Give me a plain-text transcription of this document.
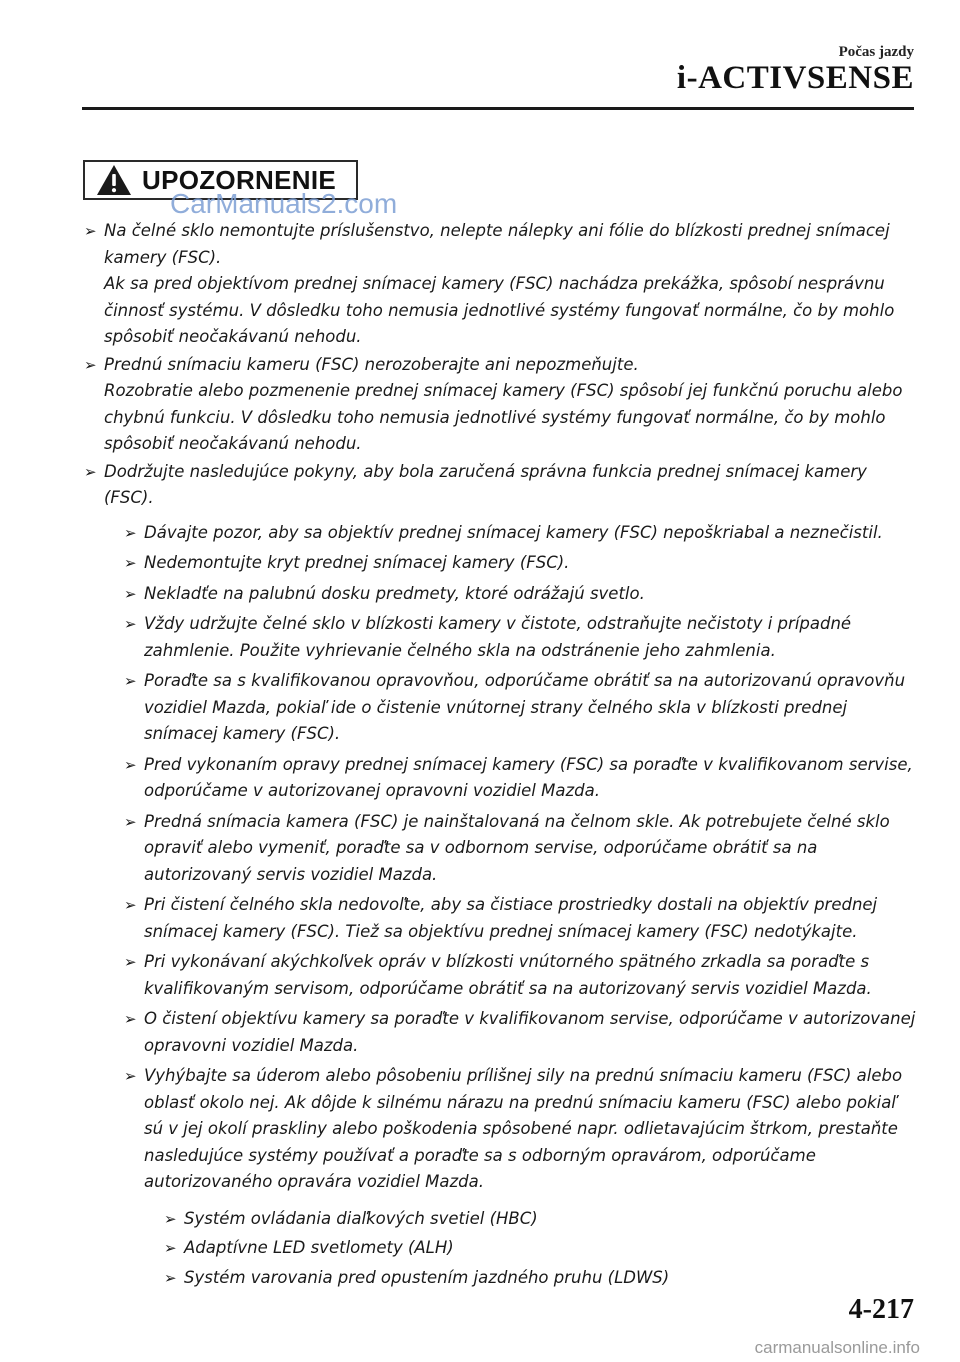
Počas jazdy
i-ACTIVSENSE
UPOZORNENIE
CarManuals2.com
➢ Na čelné sklo nemontujte príslušenstvo, nelepte nálepky ani fólie do blízkosti prednej snímacej kamery (FSC).
Ak sa pred objektívom prednej snímacej kamery (FSC) nachádza prekážka, spôsobí nesprávnu činnosť systému. V dôsledku toho nemusia jednotlivé systémy fungovať normálne, čo by mohlo spôsobiť neočakávanú nehodu.
➢ Prednú snímaciu kameru (FSC) nerozoberajte ani nepozmeňujte.
Rozobratie alebo pozmenenie prednej snímacej kamery (FSC) spôsobí jej funkčnú poruchu alebo chybnú funkciu. V dôsledku toho nemusia jednotlivé systémy fungovať normálne, čo by mohlo spôsobiť neočakávanú nehodu.
➢ Dodržujte nasledujúce pokyny, aby bola zaručená správna funkcia prednej snímacej kamery (FSC).
➢ Dávajte pozor, aby sa objektív prednej snímacej kamery (FSC) nepoškriabal a neznečistil.
➢ Nedemontujte kryt prednej snímacej kamery (FSC).
➢ Nekladťe na palubnú dosku predmety, ktoré odrážajú svetlo.
➢ Vždy udržujte čelné sklo v blízkosti kamery v čistote, odstraňujte nečistoty i prípadné zahmlenie. Použite vyhrievanie čelného skla na odstránenie jeho zahmlenia.
➢ Poraďte sa s kvalifikovanou opravovňou, odporúčame obrátiť sa na autorizovanú opravovňu vozidiel Mazda, pokiaľ ide o čistenie vnútornej strany čelného skla v blízkosti prednej snímacej kamery (FSC).
➢ Pred vykonaním opravy prednej snímacej kamery (FSC) sa poraďte v kvalifikovanom servise, odporúčame v autorizovanej opravovni vozidiel Mazda.
➢ Predná snímacia kamera (FSC) je nainštalovaná na čelnom skle. Ak potrebujete čelné sklo opraviť alebo vymeniť, poraďte sa v odbornom servise, odporúčame obrátiť sa na autorizovaný servis vozidiel Mazda.
➢ Pri čistení čelného skla nedovoľte, aby sa čistiace prostriedky dostali na objektív prednej snímacej kamery (FSC). Tiež sa objektívu prednej snímacej kamery (FSC) nedotýkajte.
➢ Pri vykonávaní akýchkoľvek opráv v blízkosti vnútorného spätného zrkadla sa poraďte s kvalifikovaným servisom, odporúčame obrátiť sa na autorizovaný servis vozidiel Mazda.
➢ O čistení objektívu kamery sa poraďte v kvalifikovanom servise, odporúčame v autorizovanej opravovni vozidiel Mazda.
➢ Vyhýbajte sa úderom alebo pôsobeniu prílišnej sily na prednú snímaciu kameru (FSC) alebo oblasť okolo nej. Ak dôjde k silnému nárazu na prednú snímaciu kameru (FSC) alebo pokiaľ sú v jej okolí praskliny alebo poškodenia spôsobené napr. odlietavajúcim štrkom, prestaňte nasledujúce systémy používať a poraďte sa s odborným opravárom, odporúčame autorizovaného opravára vozidiel Mazda.
➢ Systém ovládania diaľkových svetiel (HBC)
➢ Adaptívne LED svetlomety (ALH)
➢ Systém varovania pred opustením jazdného pruhu (LDWS)
4-217
carmanualsonline.info
